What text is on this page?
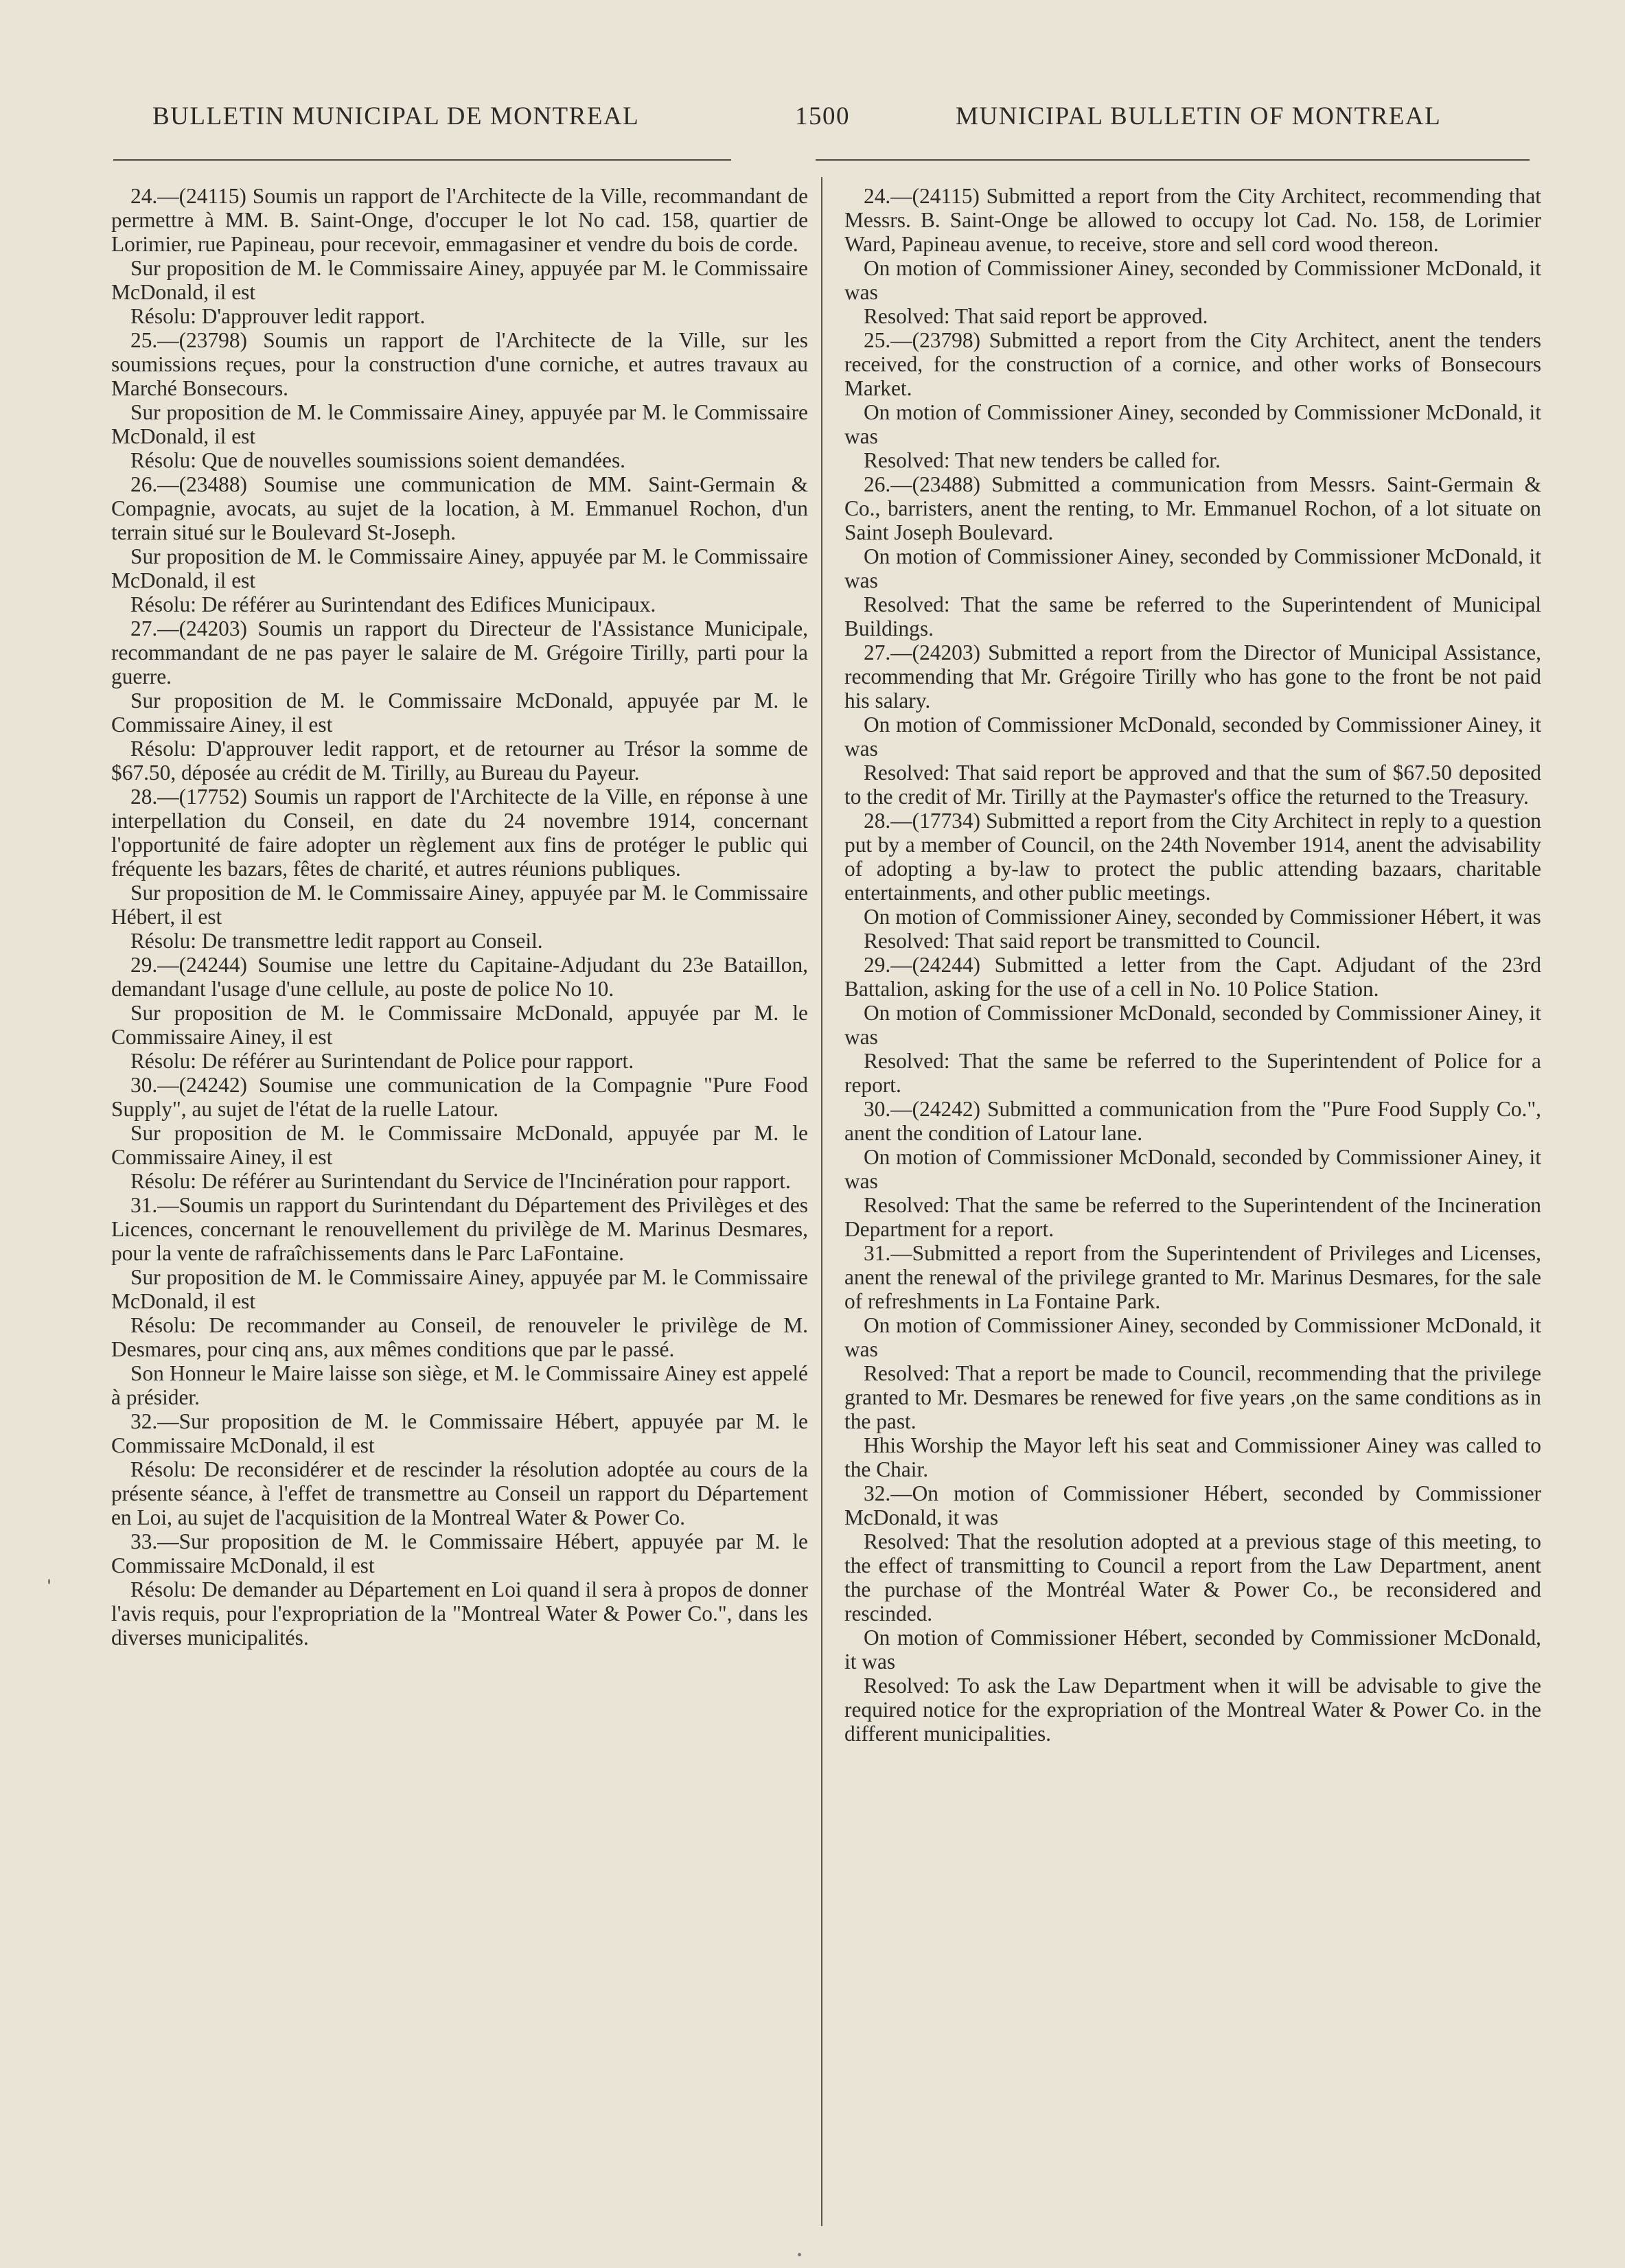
BULLETIN MUNICIPAL DE MONTREAL	1500	MUNICIPAL BULLETIN OF MONTREAL

24.—(24115) Soumis un rapport de l'Architecte de la Ville, recommandant de permettre à MM. B. Saint-Onge, d'occuper le lot No cad. 158, quartier de Lorimier, rue Papineau, pour recevoir, emmagasiner et vendre du bois de corde.

Sur proposition de M. le Commissaire Ainey, appuyée par M. le Commissaire McDonald, il est

Résolu: D'approuver ledit rapport.

25.—(23798) Soumis un rapport de l'Architecte de la Ville, sur les soumissions reçues, pour la construction d'une corniche, et autres travaux au Marché Bonsecours.

Sur proposition de M. le Commissaire Ainey, appuyée par M. le Commissaire McDonald, il est

Résolu: Que de nouvelles soumissions soient demandées.

26.—(23488) Soumise une communication de MM. Saint-Germain & Compagnie, avocats, au sujet de la location, à M. Emmanuel Rochon, d'un terrain situé sur le Boulevard St-Joseph.

Sur proposition de M. le Commissaire Ainey, appuyée par M. le Commissaire McDonald, il est

Résolu: De référer au Surintendant des Edifices Municipaux.

27.—(24203) Soumis un rapport du Directeur de l'Assistance Municipale, recommandant de ne pas payer le salaire de M. Grégoire Tirilly, parti pour la guerre.

Sur proposition de M. le Commissaire McDonald, appuyée par M. le Commissaire Ainey, il est

Résolu: D'approuver ledit rapport, et de retourner au Trésor la somme de $67.50, déposée au crédit de M. Tirilly, au Bureau du Payeur.

28.—(17752) Soumis un rapport de l'Architecte de la Ville, en réponse à une interpellation du Conseil, en date du 24 novembre 1914, concernant l'opportunité de faire adopter un règlement aux fins de protéger le public qui fréquente les bazars, fêtes de charité, et autres réunions publiques.

Sur proposition de M. le Commissaire Ainey, appuyée par M. le Commissaire Hébert, il est

Résolu: De transmettre ledit rapport au Conseil.

29.—(24244) Soumise une lettre du Capitaine-Adjudant du 23e Bataillon, demandant l'usage d'une cellule, au poste de police No 10.

Sur proposition de M. le Commissaire McDonald, appuyée par M. le Commissaire Ainey, il est

Résolu: De référer au Surintendant de Police pour rapport.

30.—(24242) Soumise une communication de la Compagnie "Pure Food Supply", au sujet de l'état de la ruelle Latour.

Sur proposition de M. le Commissaire McDonald, appuyée par M. le Commissaire Ainey, il est

Résolu: De référer au Surintendant du Service de l'Incinération pour rapport.

31.—Soumis un rapport du Surintendant du Département des Privilèges et des Licences, concernant le renouvellement du privilège de M. Marinus Desmares, pour la vente de rafraîchissements dans le Parc LaFontaine.

Sur proposition de M. le Commissaire Ainey, appuyée par M. le Commissaire McDonald, il est

Résolu: De recommander au Conseil, de renouveler le privilège de M. Desmares, pour cinq ans, aux mêmes conditions que par le passé.

Son Honneur le Maire laisse son siège, et M. le Commissaire Ainey est appelé à présider.

32.—Sur proposition de M. le Commissaire Hébert, appuyée par M. le Commissaire McDonald, il est

Résolu: De reconsidérer et de rescinder la résolution adoptée au cours de la présente séance, à l'effet de transmettre au Conseil un rapport du Département en Loi, au sujet de l'acquisition de la Montreal Water & Power Co.

33.—Sur proposition de M. le Commissaire Hébert, appuyée par M. le Commissaire McDonald, il est

Résolu: De demander au Département en Loi quand il sera à propos de donner l'avis requis, pour l'expropriation de la "Montreal Water & Power Co.", dans les diverses municipalités.

24.—(24115) Submitted a report from the City Architect, recommending that Messrs. B. Saint-Onge be allowed to occupy lot Cad. No. 158, de Lorimier Ward, Papineau avenue, to receive, store and sell cord wood thereon.

On motion of Commissioner Ainey, seconded by Commissioner McDonald, it was

Resolved: That said report be approved.

25.—(23798) Submitted a report from the City Architect, anent the tenders received, for the construction of a cornice, and other works of Bonsecours Market.

On motion of Commissioner Ainey, seconded by Commissioner McDonald, it was

Resolved: That new tenders be called for.

26.—(23488) Submitted a communication from Messrs. Saint-Germain & Co., barristers, anent the renting, to Mr. Emmanuel Rochon, of a lot situate on Saint Joseph Boulevard.

On motion of Commissioner Ainey, seconded by Commissioner McDonald, it was

Resolved: That the same be referred to the Superintendent of Municipal Buildings.

27.—(24203) Submitted a report from the Director of Municipal Assistance, recommending that Mr. Grégoire Tirilly who has gone to the front be not paid his salary.

On motion of Commissioner McDonald, seconded by Commissioner Ainey, it was

Resolved: That said report be approved and that the sum of $67.50 deposited to the credit of Mr. Tirilly at the Paymaster's office the returned to the Treasury.

28.—(17734) Submitted a report from the City Architect in reply to a question put by a member of Council, on the 24th November 1914, anent the advisability of adopting a by-law to protect the public attending bazaars, charitable entertainments, and other public meetings.

On motion of Commissioner Ainey, seconded by Commissioner Hébert, it was

Resolved: That said report be transmitted to Council.

29.—(24244) Submitted a letter from the Capt. Adjudant of the 23rd Battalion, asking for the use of a cell in No. 10 Police Station.

On motion of Commissioner McDonald, seconded by Commissioner Ainey, it was

Resolved: That the same be referred to the Superintendent of Police for a report.

30.—(24242) Submitted a communication from the "Pure Food Supply Co.", anent the condition of Latour lane.

On motion of Commissioner McDonald, seconded by Commissioner Ainey, it was

Resolved: That the same be referred to the Superintendent of the Incineration Department for a report.

31.—Submitted a report from the Superintendent of Privileges and Licenses, anent the renewal of the privilege granted to Mr. Marinus Desmares, for the sale of refreshments in La Fontaine Park.

On motion of Commissioner Ainey, seconded by Commissioner McDonald, it was

Resolved: That a report be made to Council, recommending that the privilege granted to Mr. Desmares be renewed for five years ,on the same conditions as in the past.

Hhis Worship the Mayor left his seat and Commissioner Ainey was called to the Chair.

32.—On motion of Commissioner Hébert, seconded by Commissioner McDonald, it was

Resolved: That the resolution adopted at a previous stage of this meeting, to the effect of transmitting to Council a report from the Law Department, anent the purchase of the Montréal Water & Power Co., be reconsidered and rescinded.

On motion of Commissioner Hébert, seconded by Commissioner McDonald, it was

Resolved: To ask the Law Department when it will be advisable to give the required notice for the expropriation of the Montreal Water & Power Co. in the different municipalities.
